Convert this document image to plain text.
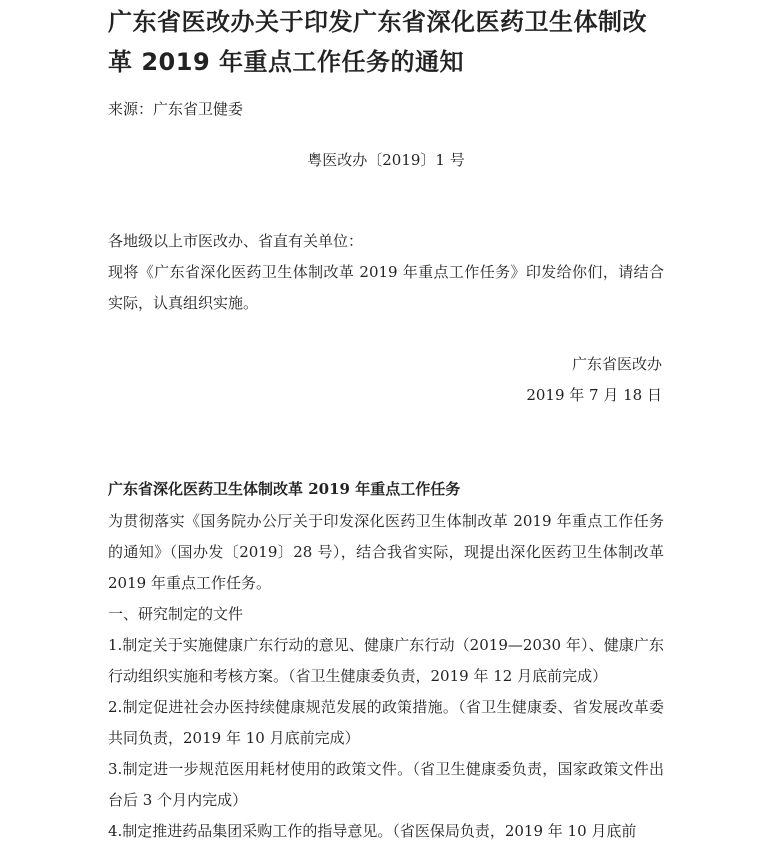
广东省医改办关于印发广东省深化医药卫生体制改革 2019 年重点工作任务的通知
来源：广东省卫健委
粤医改办〔2019〕1 号

各地级以上市医改办、省直有关单位：

现将《广东省深化医药卫生体制改革 2019 年重点工作任务》印发给你们，请结合实际，认真组织实施。

广东省医改办
2019 年 7 月 18 日
广东省深化医药卫生体制改革 2019 年重点工作任务

为贯彻落实《国务院办公厅关于印发深化医药卫生体制改革 2019 年重点工作任务的通知》（国办发〔2019〕28 号），结合我省实际，现提出深化医药卫生体制改革 2019 年重点工作任务。

一、研究制定的文件

1.制定关于实施健康广东行动的意见、健康广东行动（2019—2030 年）、健康广东行动组织实施和考核方案。（省卫生健康委负责，2019 年 12 月底前完成）

2.制定促进社会办医持续健康规范发展的政策措施。（省卫生健康委、省发展改革委共同负责，2019 年 10 月底前完成）

3.制定进一步规范医用耗材使用的政策文件。（省卫生健康委负责，国家政策文件出台后 3 个月内完成）

4.制定推进药品集团采购工作的指导意见。（省医保局负责，2019 年 10 月底前
